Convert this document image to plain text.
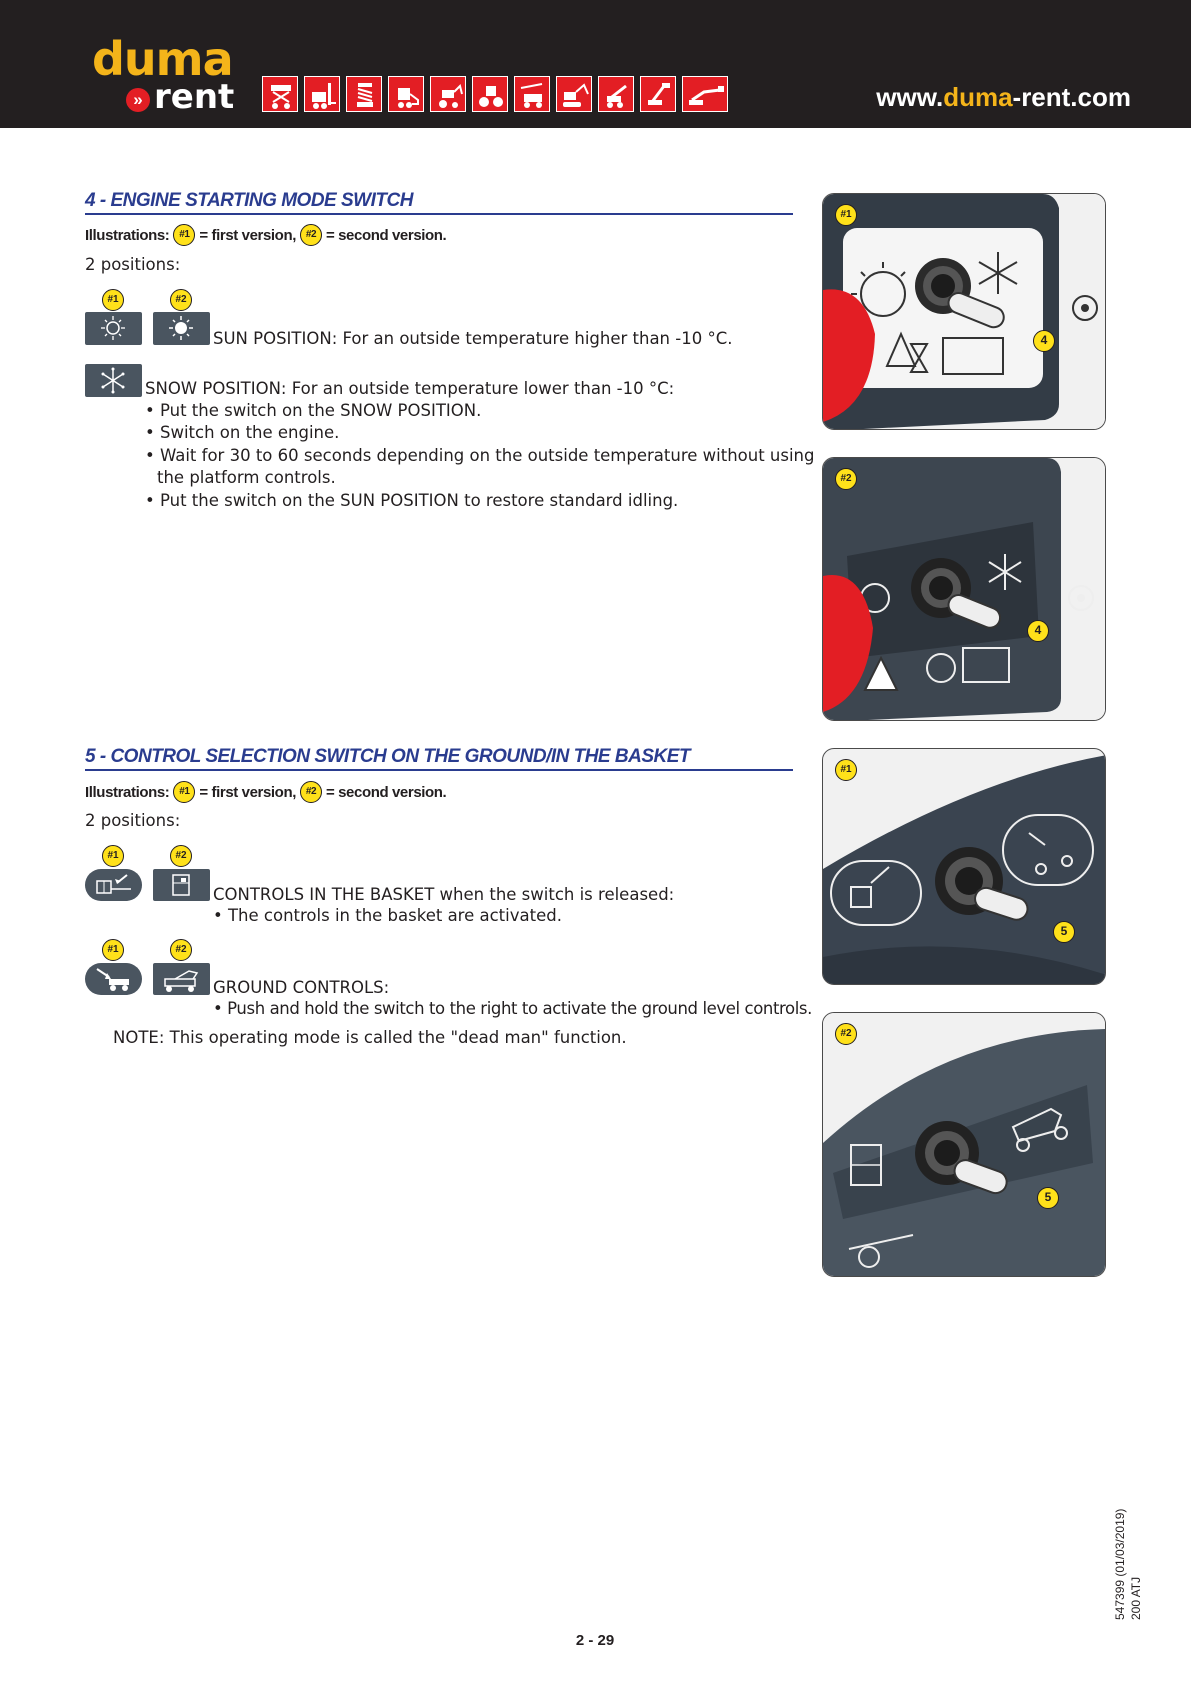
duma
» rent	www.duma-rent.com
4 - ENGINE STARTING MODE SWITCH
Illustrations: #1 = first version, #2 = second version.
2 positions:
#1	#2
SUN POSITION: For an outside temperature higher than -10 °C.
SNOW POSITION: For an outside temperature lower than -10 °C:
• Put the switch on the SNOW POSITION.
• Switch on the engine.
• Wait for 30 to 60 seconds depending on the outside temperature without using
the platform controls.
• Put the switch on the SUN POSITION to restore standard idling.
#1
4
#2
4
5 - CONTROL SELECTION SWITCH ON THE GROUND/IN THE BASKET
Illustrations: #1 = first version, #2 = second version.
2 positions:
#1	#2
CONTROLS IN THE BASKET when the switch is released:
• The controls in the basket are activated.
#1	#2
GROUND CONTROLS:
• Push and hold the switch to the right to activate the ground level controls.
NOTE: This operating mode is called the "dead man" function.
#1
5
#2
5
2 - 29
547399 (01/03/2019) 200 ATJ
